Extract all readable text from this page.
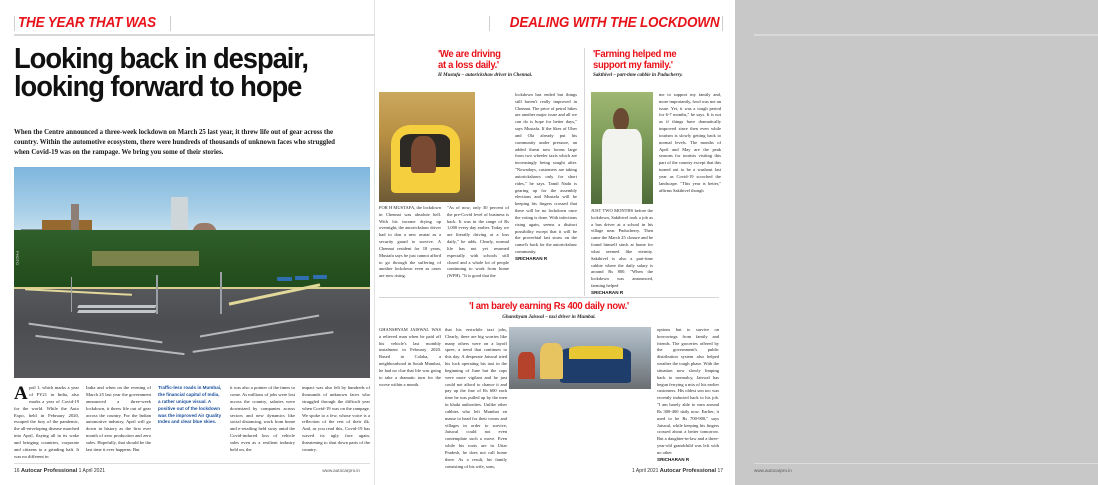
THE YEAR THAT WAS
Looking back in despair,
looking forward to hope
When the Centre announced a three-week lockdown on March 25 last year, it threw life out of gear across the country. Within the automotive ecosystem, there were hundreds of thousands of unknown faces who struggled when Covid-19 was on the rampage. We bring you some of their stories.
PHOTO
April 1, which marks a year of FY21 in India, also marks a year of Covid-19 for the world. While the Auto Expo, held in February 2020, escaped the fury of the pandemic, the all-enveloping disease marched into April, flaying all in its wake and bringing countries, corporate and citizens to a grinding halt. It was no different in
India and when on the evening of March 25 last year the government announced a three-week lockdown, it threw life out of gear across the country. For the Indian automotive industry, April will go down in history as the first ever month of zero production and zero sales. Hopefully, that should be the last time it ever happens. But
Traffic-less roads in Mumbai, the financial capital of India, a rather unique visual. A positive out of the lockdown was the improved Air Quality Index and clear blue skies.
it was also a pointer of the times to come. As millions of jobs were lost across the country, salaries were downsized by companies across sectors and new dynamics like social distancing, work from home and e-retailing held sway amid the Covid-induced loss of vehicle sales even as a resilient industry held on, the
impact was also felt by hundreds of thousands of unknown faces who struggled through the difficult year when Covid-19 was on the rampage. We spoke to a few, whose voice is a reflection of the rest of their ilk. And, as you read this, Covid-19 has waved its ugly face again, threatening to shut down parts of the country.
16 Autocar Professional 1 April 2021	www.autocarpro.in
DEALING WITH THE LOCKDOWN
'We are driving
at a loss daily.'
H Mustafa – autorickshaw driver in Chennai.
FOR H MUSTAFA, the lockdown in Chennai was absolute hell. With his income drying up overnight, the autorickshaw driver had to don a new avatar as a security guard to survive. A Chennai resident for 18 years, Mustafa says he just cannot afford to go through the suffering of another lockdown even as cases are now rising.
"As of now, only 30 percent of the pre-Covid level of business is back. It was in the range of Rs 1,000 every day earlier. Today we are literally driving at a loss daily," he adds. Clearly, normal life has not yet resumed especially with schools still closed and a whole lot of people continuing to work from home (WFH). "It is good that the
lockdown has ended but things still haven't really improved in Chennai. The price of petrol hikes are another major issue and all we can do is hope for better days," says Mustafa. If the likes of Uber and Ola already put his community under pressure, an added threat now looms large from two wheeler taxis which are increasingly being sought after. "Nowadays, customers are taking autorickshaws only for short rides," he says. Tamil Nadu is gearing up for the assembly elections and Mustafa will be keeping his fingers crossed that there will be no lockdown once the voting is done. With infections rising again, seems a distinct possibility except that it will be the proverbial last straw on the camel's back for the autorickshaw community.
SRICHARAN R
'Farming helped me
support my family.'
Sakthivel – part-time cabbie in Puducherry.
me to support my family and, more importantly, food was not an issue. Yet, it was a tough period for 6-7 months," he says. It is not as if things have dramatically improved since then even while tourism is slowly getting back to normal levels. The months of April and May are the peak seasons for tourists visiting this part of the country except that this turned out to be a washout last year as Covid-19 scorched the landscape. "This year is better," affirms Sakthivel though
JUST TWO MONTHS before the lockdown, Sakthivel took a job as a bus driver at a school in his village near Puducherry. Then came the March 25 closure and he found himself stuck at home for what seemed like eternity. Sakthivel is also a part-time cabbie where the daily salary is around Rs 800. "When the lockdown was announced, farming helped
SRICHARAN R
'I am barely earning Rs 400 daily now.'
Ghanshyam Jaiswal – taxi driver in Mumbai.
GHANSHYAM JAISWAL WAS a relieved man when he paid off his vehicle's last monthly instalment in February 2020. Based in Colaba, a neighbourhood in South Mumbai, he had no clue that life was going to take a dramatic turn for the worse within a month.
that his erstwhile taxi jobs, Clearly, there are big worries like many others were on a layoff spree, a trend that continues to this day. A desperate Jaiswal tried his luck operating his taxi in the beginning of June but the cops were more vigilant and he just could not afford to chance it and pay up the fine of Rs 600 each time he was pulled up by the men in khaki authorities. Unlike other cabbies who left Mumbai en masse to head for their towns and villages in order to survive, Jaiswal could not even contemplate such a move. Even while his roots are in Uttar Pradesh, he does not call home there. As a result, his family consisting of his wife, sons,
options but to survive on borrowings from family and friends. The groceries offered by the government's public distribution system also helped weather the tough phase. With the situation now slowly limping back to normalcy, Jaiswal has begun ferrying a mix of his earlier customers. His oldest son too was recently inducted back to his job. "I am barely able to earn around Rs 300-400 daily now. Earlier, it used to be Rs 700-900," says Jaiswal, while keeping his fingers crossed about a better tomorrow. But a daughter-in-law and a three-year-old grandchild was left with no other
SRICHARAN R
www.autocarpro.in
1 April 2021 Autocar Professional 17
